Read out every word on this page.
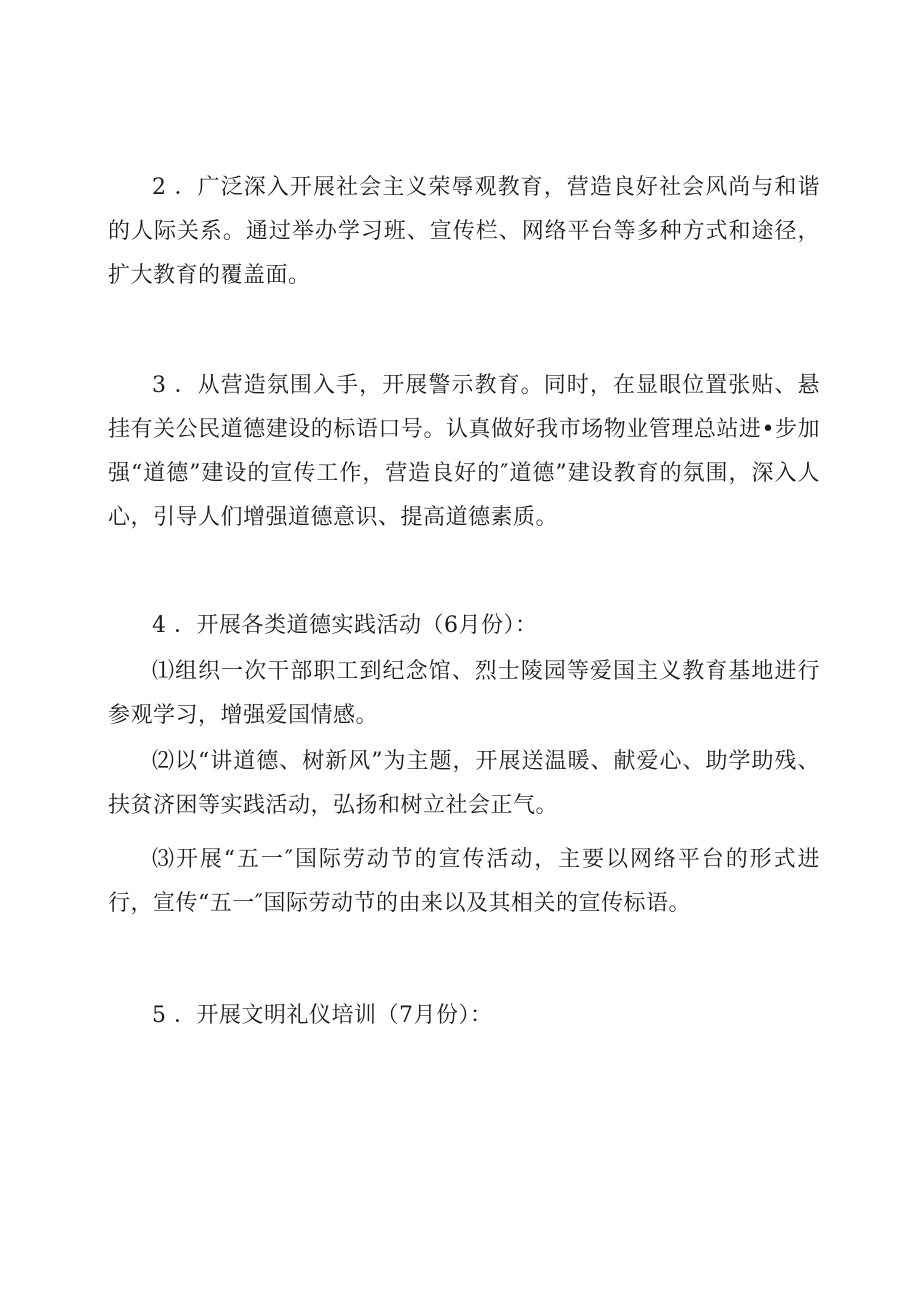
2 ．广泛深入开展社会主义荣辱观教育，营造良好社会风尚与和谐的人际关系。通过举办学习班、宣传栏、网络平台等多种方式和途径，扩大教育的覆盖面。

3 ．从营造氛围入手，开展警示教育。同时，在显眼位置张贴、悬挂有关公民道德建设的标语口号。认真做好我市场物业管理总站进•步加强“道德”建设的宣传工作，营造良好的″道德”建设教育的氛围，深入人心，引导人们增强道德意识、提高道德素质。

4 ．开展各类道德实践活动（6月份）：

⑴组织一次干部职工到纪念馆、烈士陵园等爱国主义教育基地进行参观学习，增强爱国情感。

⑵以“讲道德、树新风”为主题，开展送温暖、献爱心、助学助残、扶贫济困等实践活动，弘扬和树立社会正气。

⑶开展“五一″国际劳动节的宣传活动，主要以网络平台的形式进行，宣传“五一″国际劳动节的由来以及其相关的宣传标语。

5 ．开展文明礼仪培训（7月份）：
